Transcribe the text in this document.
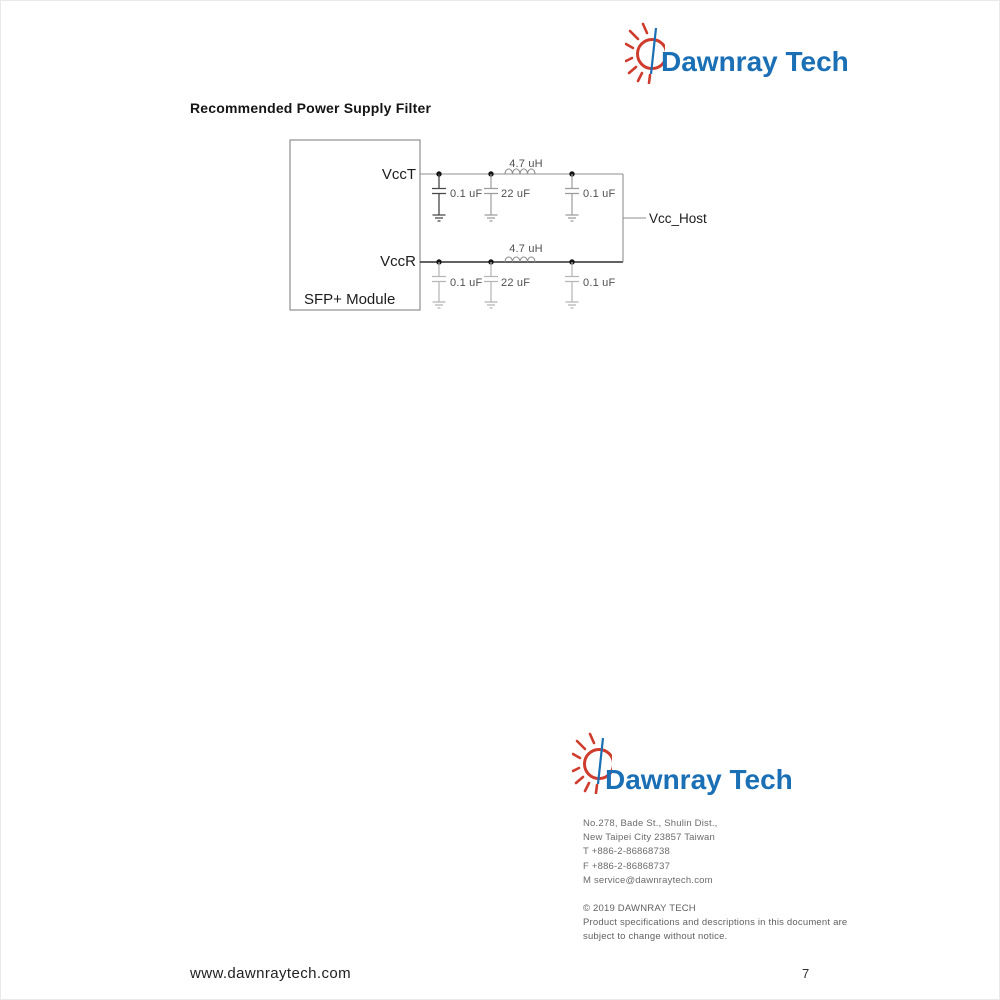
Dawnray Tech
Recommended Power Supply Filter
VccT
VccR
SFP+ Module
Vcc_Host
4.7 uH
4.7 uH
0.1 uF 22 uF	0.1 uF
0.1 uF 22 uF	0.1 uF
Dawnray Tech
No.278, Bade St., Shulin Dist.,
New Taipei City 23857 Taiwan
T +886-2-86868738
F +886-2-86868737
M service@dawnraytech.com
© 2019 DAWNRAY TECH
Product specifications and descriptions in this document are
subject to change without notice.
www.dawnraytech.com	7
